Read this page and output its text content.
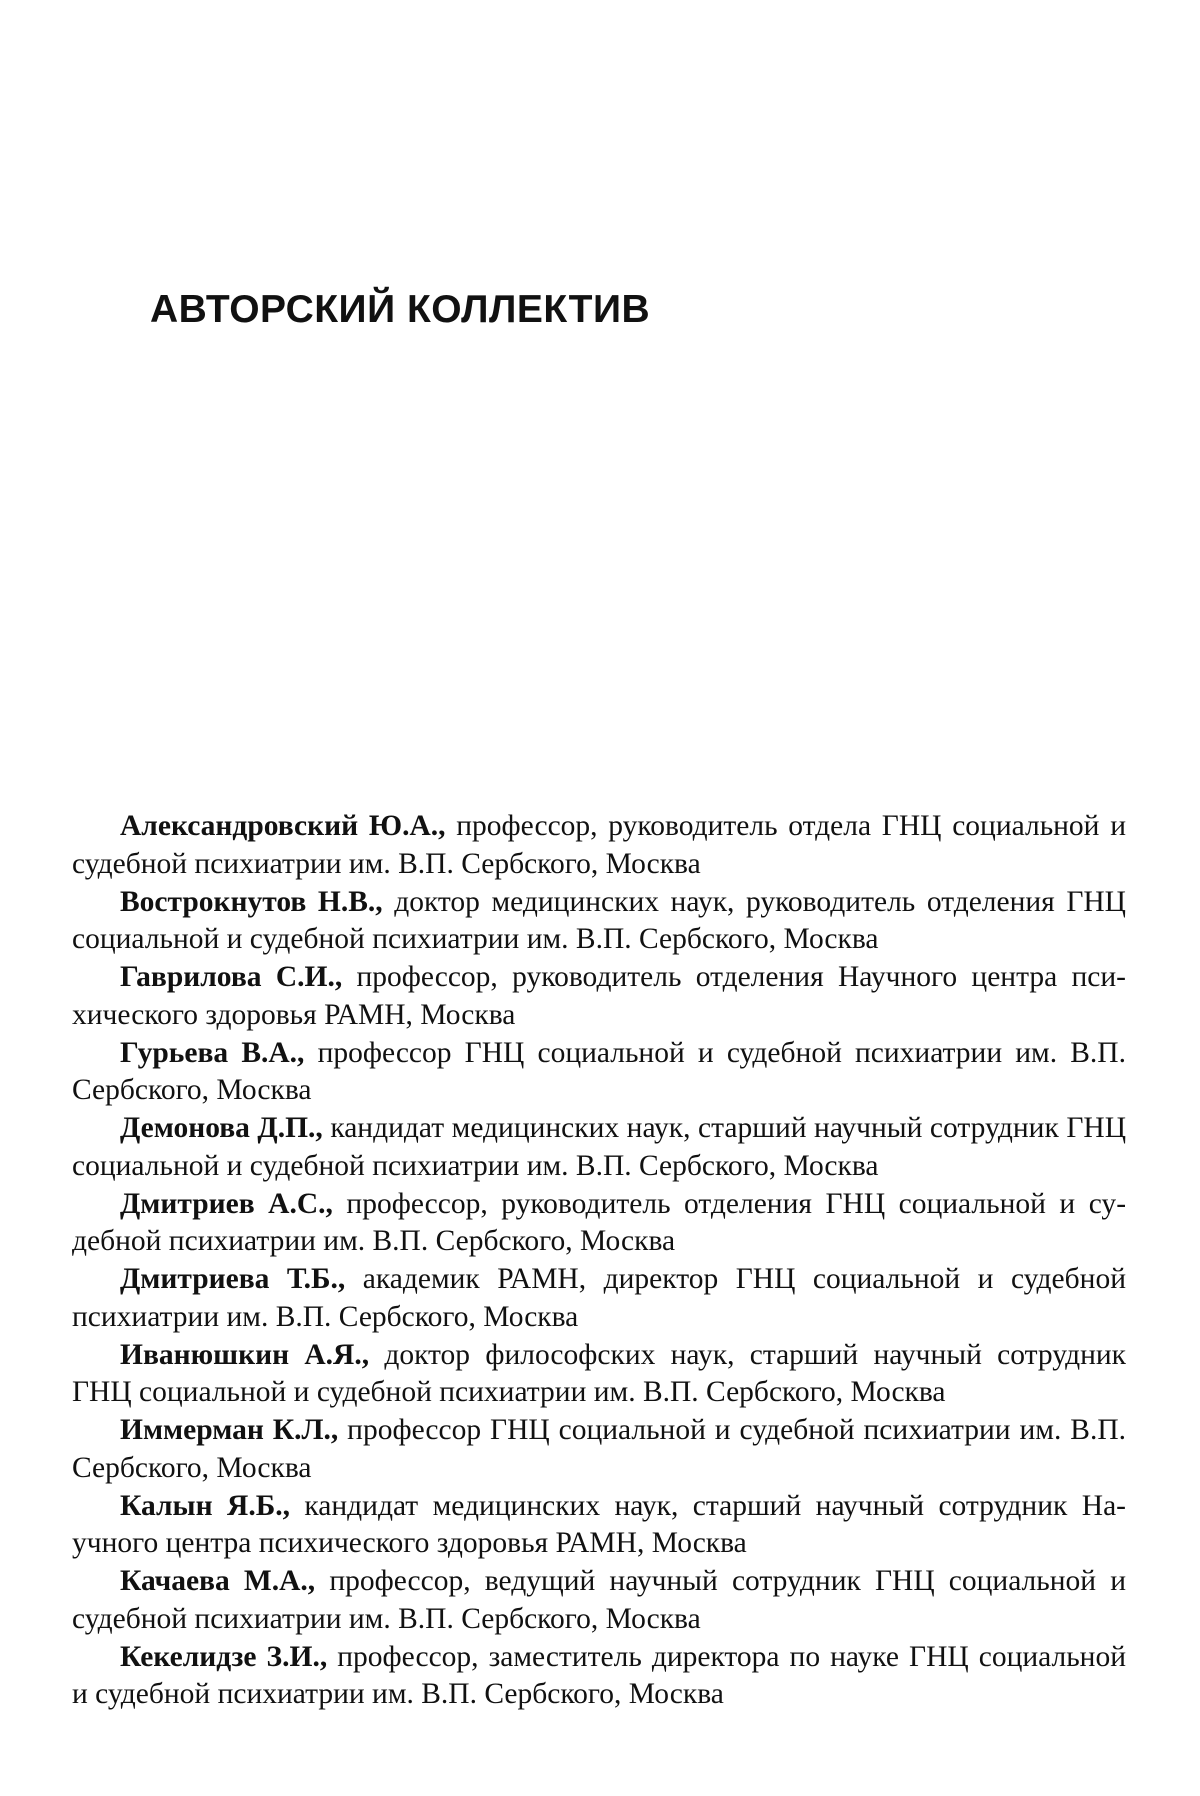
АВТОРСКИЙ КОЛЛЕКТИВ
Александровский Ю.А., профессор, руководитель отдела ГНЦ социальной и судебной психиатрии им. В.П. Сербского, Москва
Вострокнутов Н.В., доктор медицинских наук, руководитель отделения ГНЦ социальной и судебной психиатрии им. В.П. Сербского, Москва
Гаврилова С.И., профессор, руководитель отделения Научного центра психического здоровья РАМН, Москва
Гурьева В.А., профессор ГНЦ социальной и судебной психиатрии им. В.П. Сербского, Москва
Демонова Д.П., кандидат медицинских наук, старший научный сотрудник ГНЦ социальной и судебной психиатрии им. В.П. Сербского, Москва
Дмитриев А.С., профессор, руководитель отделения ГНЦ социальной и судебной психиатрии им. В.П. Сербского, Москва
Дмитриева Т.Б., академик РАМН, директор ГНЦ социальной и судебной психиатрии им. В.П. Сербского, Москва
Иванюшкин А.Я., доктор философских наук, старший научный сотрудник ГНЦ социальной и судебной психиатрии им. В.П. Сербского, Москва
Иммерман К.Л., профессор ГНЦ социальной и судебной психиатрии им. В.П. Сербского, Москва
Калын Я.Б., кандидат медицинских наук, старший научный сотрудник Научного центра психического здоровья РАМН, Москва
Качаева М.А., профессор, ведущий научный сотрудник ГНЦ социальной и судебной психиатрии им. В.П. Сербского, Москва
Кекелидзе З.И., профессор, заместитель директора по науке ГНЦ социальной и судебной психиатрии им. В.П. Сербского, Москва
